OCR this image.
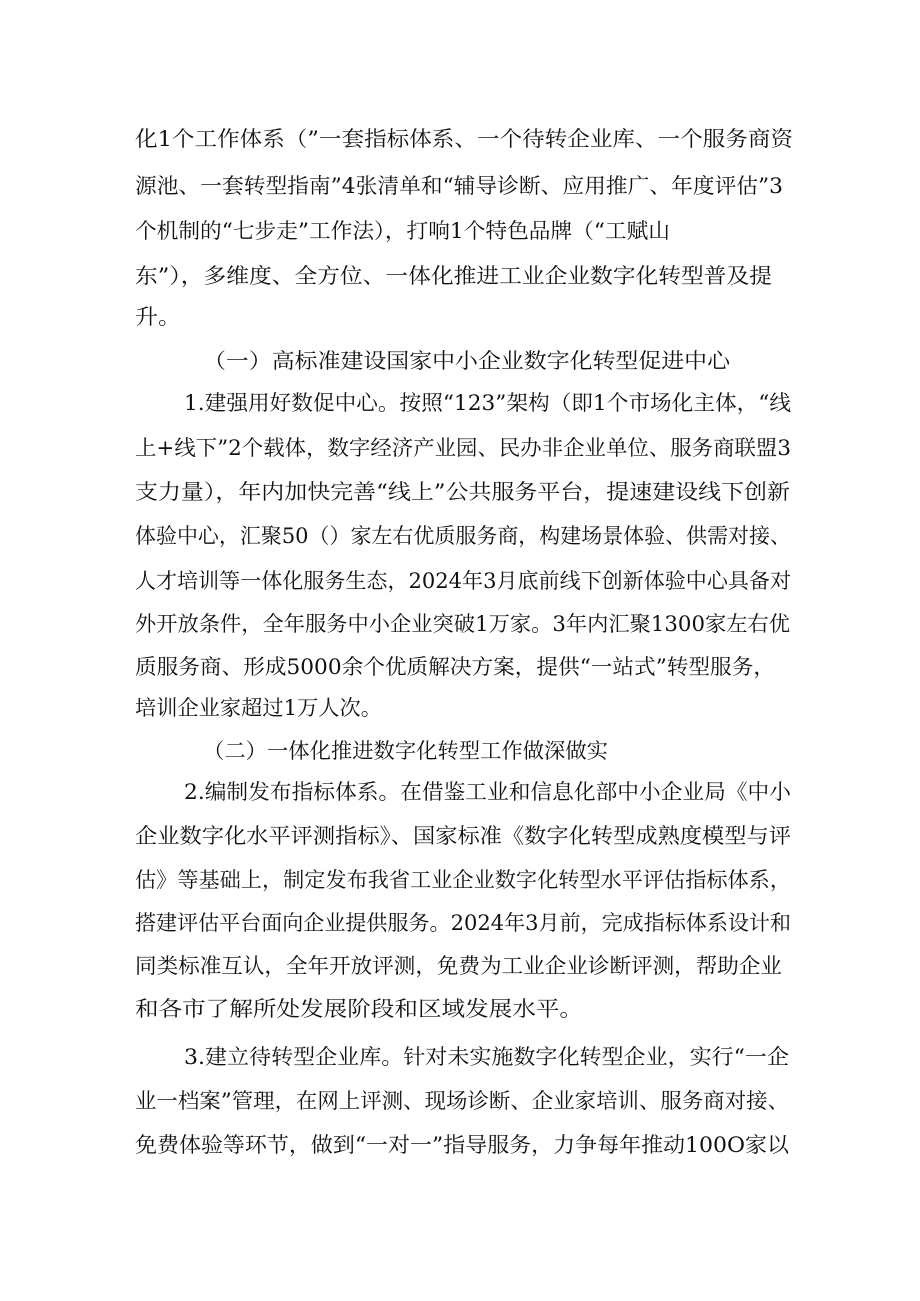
化1个工作体系（”一套指标体系、一个待转企业库、一个服务商资
源池、一套转型指南”4张清单和“辅导诊断、应用推广、年度评估”3
个机制的“七步走”工作法），打响1个特色品牌（“工赋山
东”），多维度、全方位、一体化推进工业企业数字化转型普及提
升。
（一）高标准建设国家中小企业数字化转型促进中心
1.建强用好数促中心。按照“123”架构（即1个市场化主体，“线
上+线下”2个载体，数字经济产业园、民办非企业单位、服务商联盟3
支力量），年内加快完善“线上”公共服务平台，提速建设线下创新
体验中心，汇聚50（）家左右优质服务商，构建场景体验、供需对接、
人才培训等一体化服务生态，2024年3月底前线下创新体验中心具备对
外开放条件，全年服务中小企业突破1万家。3年内汇聚1300家左右优
质服务商、形成5000余个优质解决方案，提供“一站式”转型服务，
培训企业家超过1万人次。
（二）一体化推进数字化转型工作做深做实
2.编制发布指标体系。在借鉴工业和信息化部中小企业局《中小
企业数字化水平评测指标》、国家标准《数字化转型成熟度模型与评
估》等基础上，制定发布我省工业企业数字化转型水平评估指标体系，
搭建评估平台面向企业提供服务。2024年3月前，完成指标体系设计和
同类标准互认，全年开放评测，免费为工业企业诊断评测，帮助企业
和各市了解所处发展阶段和区域发展水平。
3.建立待转型企业库。针对未实施数字化转型企业，实行“一企
业一档案”管理，在网上评测、现场诊断、企业家培训、服务商对接、
免费体验等环节，做到“一对一”指导服务，力争每年推动100O家以
